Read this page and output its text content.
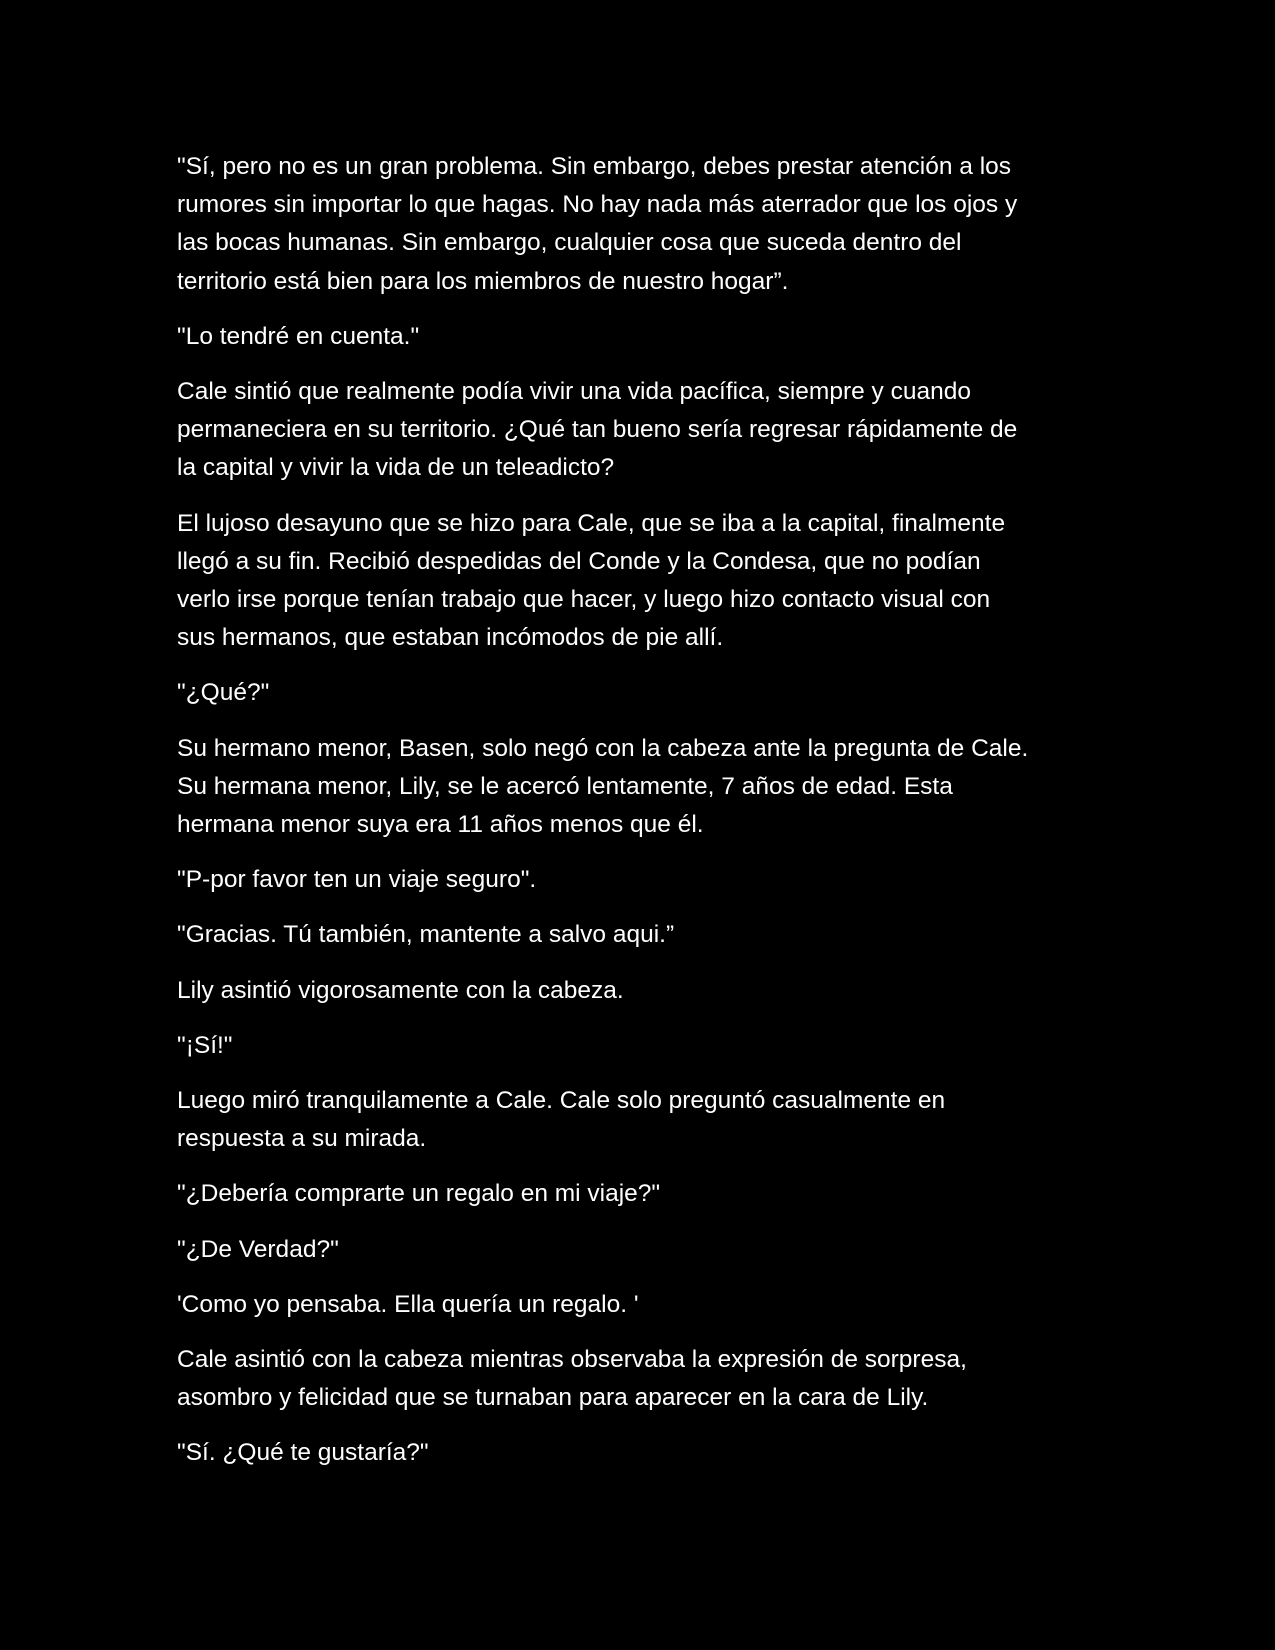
"Sí, pero no es un gran problema. Sin embargo, debes prestar atención a los
rumores sin importar lo que hagas. No hay nada más aterrador que los ojos y
las bocas humanas. Sin embargo, cualquier cosa que suceda dentro del
territorio está bien para los miembros de nuestro hogar”.

"Lo tendré en cuenta."

Cale sintió que realmente podía vivir una vida pacífica, siempre y cuando
permaneciera en su territorio. ¿Qué tan bueno sería regresar rápidamente de
la capital y vivir la vida de un teleadicto?

El lujoso desayuno que se hizo para Cale, que se iba a la capital, finalmente
llegó a su fin. Recibió despedidas del Conde y la Condesa, que no podían
verlo irse porque tenían trabajo que hacer, y luego hizo contacto visual con
sus hermanos, que estaban incómodos de pie allí.

"¿Qué?"

Su hermano menor, Basen, solo negó con la cabeza ante la pregunta de Cale.
Su hermana menor, Lily, se le acercó lentamente, 7 años de edad. Esta
hermana menor suya era 11 años menos que él.

"P-por favor ten un viaje seguro".

"Gracias. Tú también, mantente a salvo aqui.”

Lily asintió vigorosamente con la cabeza.

"¡Sí!"

Luego miró tranquilamente a Cale. Cale solo preguntó casualmente en
respuesta a su mirada.

"¿Debería comprarte un regalo en mi viaje?"

"¿De Verdad?"

'Como yo pensaba. Ella quería un regalo. '

Cale asintió con la cabeza mientras observaba la expresión de sorpresa,
asombro y felicidad que se turnaban para aparecer en la cara de Lily.

"Sí. ¿Qué te gustaría?"
